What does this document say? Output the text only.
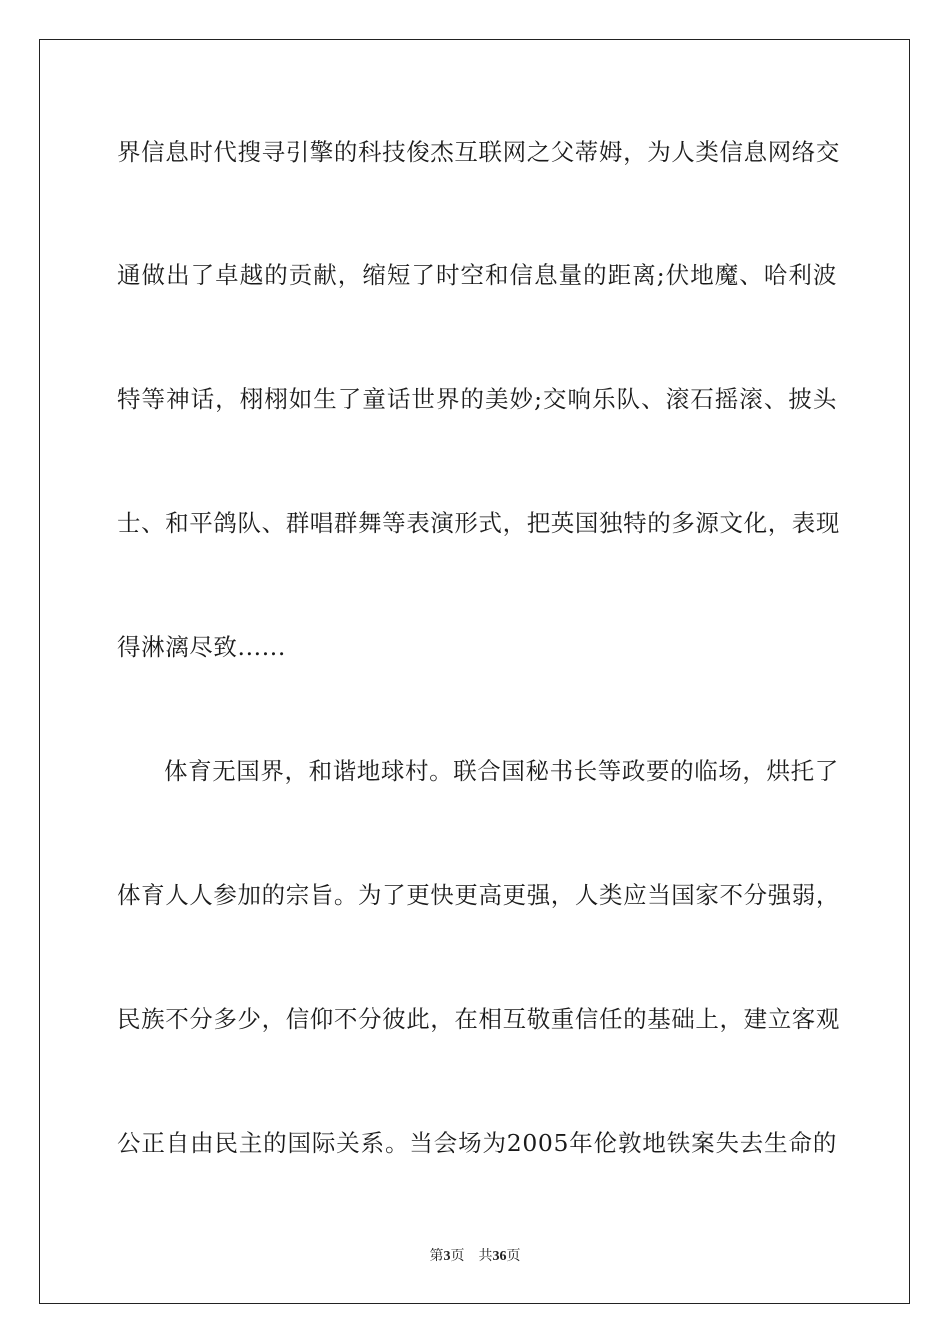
界信息时代搜寻引擎的科技俊杰互联网之父蒂姆，为人类信息网络交
通做出了卓越的贡献，缩短了时空和信息量的距离;伏地魔、哈利波
特等神话，栩栩如生了童话世界的美妙;交响乐队、滚石摇滚、披头
士、和平鸽队、群唱群舞等表演形式，把英国独特的多源文化，表现
得淋漓尽致......
体育无国界，和谐地球村。联合国秘书长等政要的临场，烘托了
体育人人参加的宗旨。为了更快更高更强，人类应当国家不分强弱，
民族不分多少，信仰不分彼此，在相互敬重信任的基础上，建立客观
公正自由民主的国际关系。当会场为2005年伦敦地铁案失去生命的
第3页 共36页
